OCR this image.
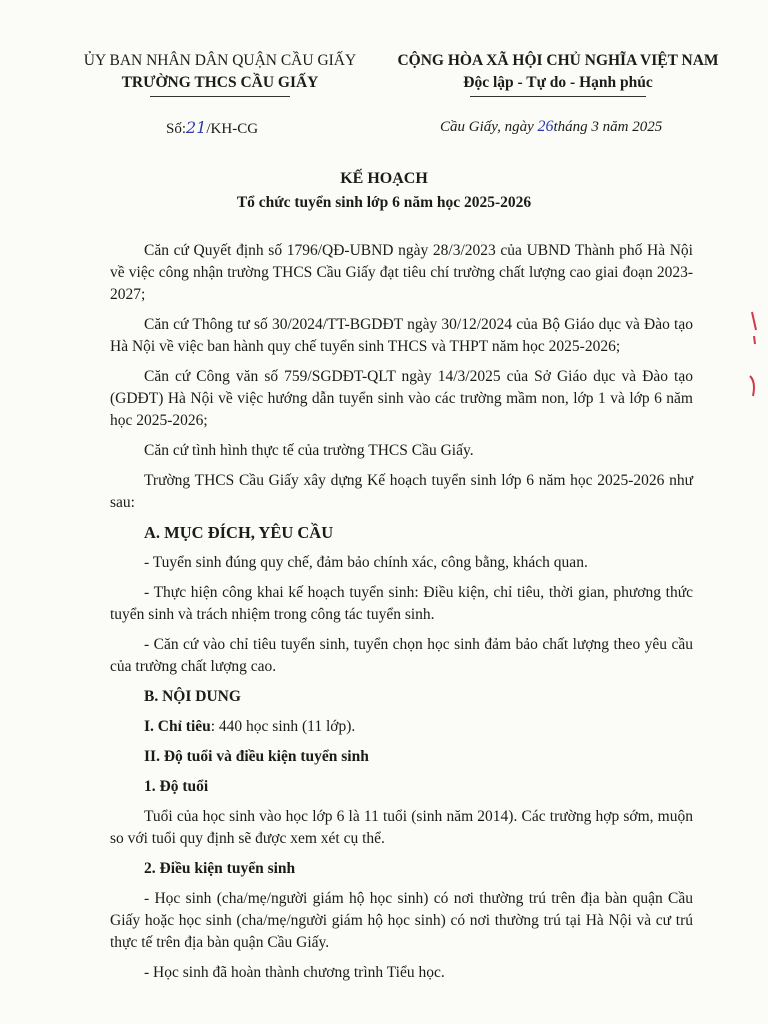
ỦY BAN NHÂN DÂN QUẬN CẦU GIẤY
TRƯỜNG THCS CẦU GIẤY
CỘNG HÒA XÃ HỘI CHỦ NGHĨA VIỆT NAM
Độc lập - Tự do - Hạnh phúc
Số:21/KH-CG	Cầu Giấy, ngày 26tháng 3 năm 2025
KẾ HOẠCH
Tổ chức tuyển sinh lớp 6 năm học 2025-2026

Căn cứ Quyết định số 1796/QĐ-UBND ngày 28/3/2023 của UBND Thành phố Hà Nội về việc công nhận trường THCS Cầu Giấy đạt tiêu chí trường chất lượng cao giai đoạn 2023-2027;

Căn cứ Thông tư số 30/2024/TT-BGDĐT ngày 30/12/2024 của Bộ Giáo dục và Đào tạo Hà Nội về việc ban hành quy chế tuyển sinh THCS và THPT năm học 2025-2026;

Căn cứ Công văn số 759/SGDĐT-QLT ngày 14/3/2025 của Sở Giáo dục và Đào tạo (GDĐT) Hà Nội về việc hướng dẫn tuyển sinh vào các trường mầm non, lớp 1 và lớp 6 năm học 2025-2026;

Căn cứ tình hình thực tế của trường THCS Cầu Giấy.

Trường THCS Cầu Giấy xây dựng Kế hoạch tuyển sinh lớp 6 năm học 2025-2026 như sau:

A. MỤC ĐÍCH, YÊU CẦU

- Tuyển sinh đúng quy chế, đảm bảo chính xác, công bằng, khách quan.

- Thực hiện công khai kế hoạch tuyển sinh: Điều kiện, chỉ tiêu, thời gian, phương thức tuyển sinh và trách nhiệm trong công tác tuyển sinh.

- Căn cứ vào chỉ tiêu tuyển sinh, tuyển chọn học sinh đảm bảo chất lượng theo yêu cầu của trường chất lượng cao.

B. NỘI DUNG

I. Chỉ tiêu: 440 học sinh (11 lớp).

II. Độ tuổi và điều kiện tuyển sinh

1. Độ tuổi

Tuổi của học sinh vào học lớp 6 là 11 tuổi (sinh năm 2014). Các trường hợp sớm, muộn so với tuổi quy định sẽ được xem xét cụ thể.

2. Điều kiện tuyển sinh

- Học sinh (cha/mẹ/người giám hộ học sinh) có nơi thường trú trên địa bàn quận Cầu Giấy hoặc học sinh (cha/mẹ/người giám hộ học sinh) có nơi thường trú tại Hà Nội và cư trú thực tế trên địa bàn quận Cầu Giấy.

- Học sinh đã hoàn thành chương trình Tiểu học.
